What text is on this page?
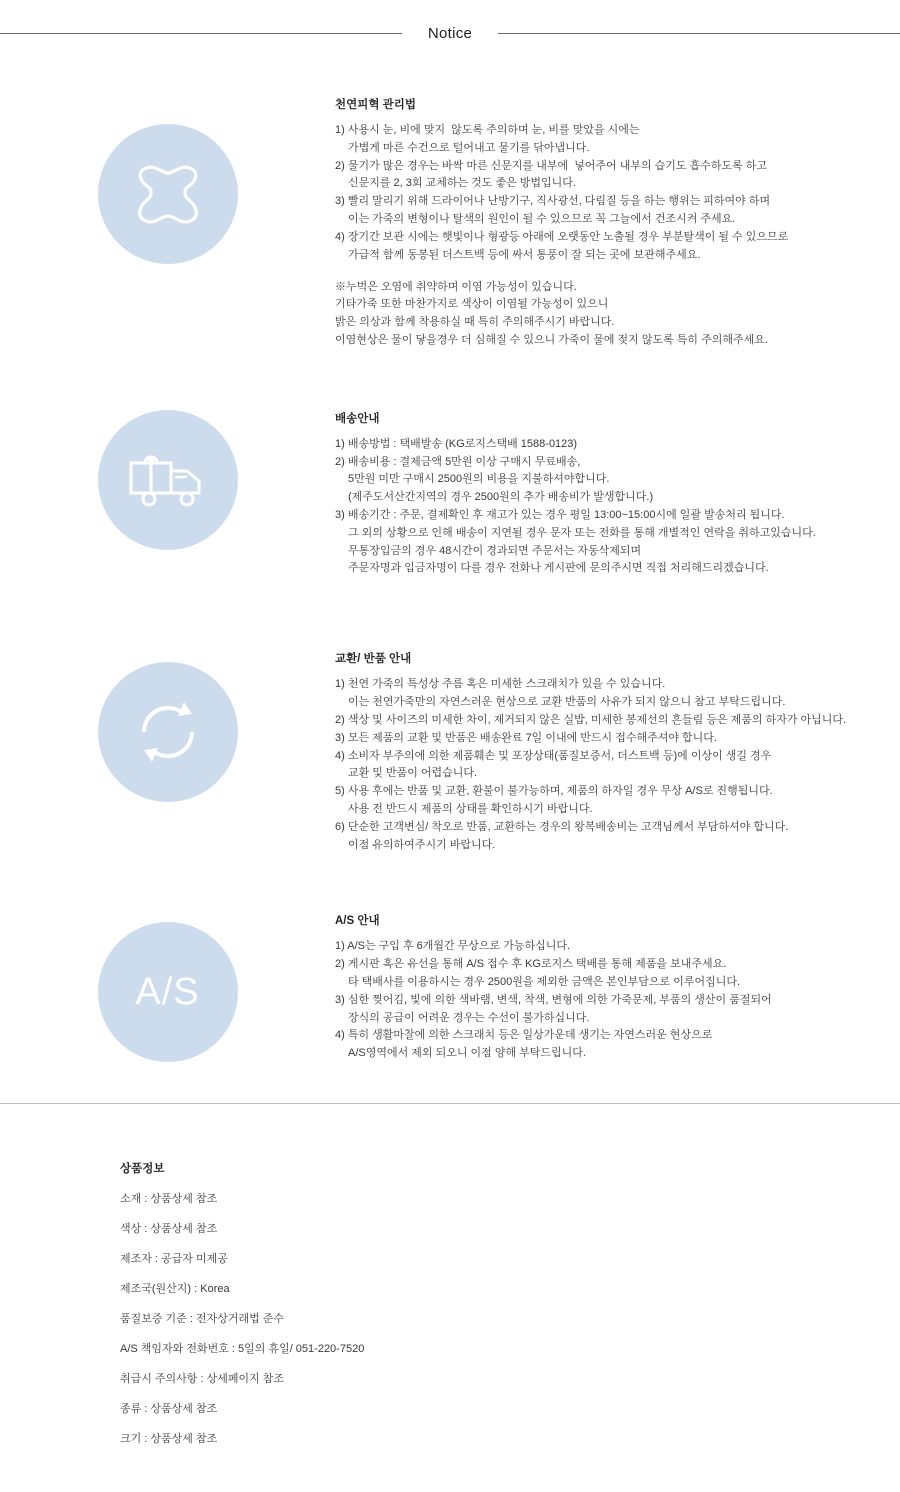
Notice
천연피혁 관리법
1) 사용시 눈, 비에 맞지  않도록 주의하며 눈, 비를 맞았을 시에는
가볍게 마른 수건으로 털어내고 물기를 닦아냅니다.
2) 물기가 많은 경우는 바싹 마른 신문지를 내부에  넣어주어 내부의 습기도 흡수하도록 하고
신문지를 2, 3회 교체하는 것도 좋은 방법입니다.
3) 빨리 말리기 위해 드라이어나 난방기구, 직사광선, 다림질 등을 하는 행위는 피하여야 하며
이는 가죽의 변형이나 탈색의 원인이 될 수 있으므로 꼭 그늘에서 건조시켜 주세요.
4) 장기간 보관 시에는 햇빛이나 형광등 아래에 오랫동안 노출될 경우 부분탈색이 될 수 있으므로
가급적 함께 동봉된 더스트백 등에 싸서 통풍이 잘 되는 곳에 보관해주세요.
※누벅은 오염에 취약하며 이염 가능성이 있습니다.
기타가죽 또한 마찬가지로 색상이 이염될 가능성이 있으니
밝은 의상과 함께 착용하실 때 특히 주의해주시기 바랍니다.
이염현상은 물이 닿을경우 더 심해질 수 있으니 가죽이 물에 젖지 않도록 특히 주의해주세요.
배송안내
1) 배송방법 : 택배발송 (KG로지스택배 1588-0123)
2) 배송비용 : 결제금액 5만원 이상 구매시 무료배송,
5만원 미만 구매시 2500원의 비용을 지불하셔야합니다.
(제주도서산간지역의 경우 2500원의 추가 배송비가 발생합니다.)
3) 배송기간 : 주문, 결제확인 후 재고가 있는 경우 평일 13:00~15:00시에 일괄 발송처리 됩니다.
그 외의 상황으로 인해 배송이 지연될 경우 문자 또는 전화를 통해 개별적인 연락을 취하고있습니다.
무통장입금의 경우 48시간이 경과되면 주문서는 자동삭제되며
주문자명과 입금자명이 다를 경우 전화나 게시판에 문의주시면 직접 처리해드리겠습니다.
교환/ 반품 안내
1) 천연 가죽의 특성상 주름 혹은 미세한 스크래치가 있을 수 있습니다.
이는 천연가죽만의 자연스러운 현상으로 교환 반품의 사유가 되지 않으니 참고 부탁드립니다.
2) 색상 및 사이즈의 미세한 차이, 제거되지 않은 실밥, 미세한 봉제선의 흔들림 등은 제품의 하자가 아닙니다.
3) 모든 제품의 교환 및 반품은 배송완료 7일 이내에 반드시 접수해주셔야 합니다.
4) 소비자 부주의에 의한 제품훼손 및 포장상태(품질보증서, 더스트백 등)에 이상이 생길 경우
교환 및 반품이 어렵습니다.
5) 사용 후에는 반품 및 교환, 환불이 불가능하며, 제품의 하자일 경우 무상 A/S로 진행됩니다.
사용 전 반드시 제품의 상태를 확인하시기 바랍니다.
6) 단순한 고객변심/ 착오로 반품, 교환하는 경우의 왕복배송비는 고객님께서 부담하셔야 합니다.
이점 유의하여주시기 바랍니다.
A/S
A/S 안내
1) A/S는 구입 후 6개월간 무상으로 가능하십니다.
2) 게시판 혹은 유선을 통해 A/S 접수 후 KG로지스 택배를 통해 제품을 보내주세요.
타 택배사를 이용하시는 경우 2500원을 제외한 금액은 본인부담으로 이루어집니다.
3) 심한 찢어김, 빛에 의한 색바램, 변색, 착색, 변형에 의한 가죽문제, 부품의 생산이 품절되어
장식의 공급이 어려운 경우는 수선이 불가하십니다.
4) 특히 생활마찰에 의한 스크래치 등은 일상가운데 생기는 자연스러운 현상으로
A/S영역에서 제외 되오니 이점 양해 부탁드립니다.
상품정보
소재 : 상품상세 참조
색상 : 상품상세 참조
제조자 : 공급자 미제공
제조국(원산지) : Korea
품질보증 기준 : 전자상거래법 준수
A/S 책임자와 전화번호 : 5일의 휴일/ 051-220-7520
취급시 주의사항 : 상세페이지 참조
종류 : 상품상세 참조
크기 : 상품상세 참조
